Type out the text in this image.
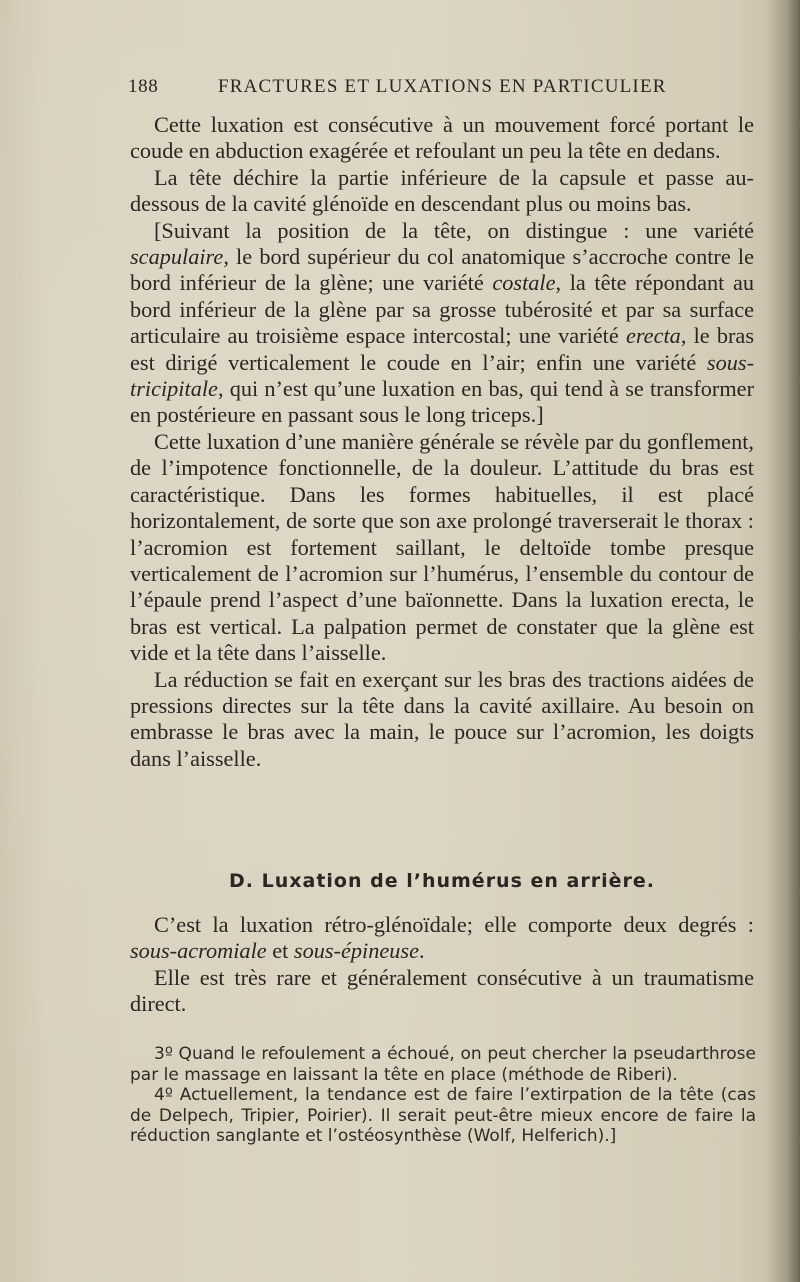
188	FRACTURES ET LUXATIONS EN PARTICULIER

Cette luxation est consécutive à un mouvement forcé portant le coude en abduction exagérée et refoulant un peu la tête en dedans.

La tête déchire la partie inférieure de la capsule et passe au-dessous de la cavité glénoïde en descendant plus ou moins bas.

[Suivant la position de la tête, on distingue : une variété scapulaire, le bord supérieur du col anatomique s’accroche contre le bord inférieur de la glène; une variété costale, la tête répondant au bord inférieur de la glène par sa grosse tubérosité et par sa surface articulaire au troisième espace intercostal; une variété erecta, le bras est dirigé verticalement le coude en l’air; enfin une variété sous-tricipitale, qui n’est qu’une luxation en bas, qui tend à se transformer en postérieure en passant sous le long triceps.]

Cette luxation d’une manière générale se révèle par du gonflement, de l’impotence fonctionnelle, de la douleur. L’attitude du bras est caractéristique. Dans les formes habituelles, il est placé horizontalement, de sorte que son axe prolongé traverserait le thorax : l’acromion est fortement saillant, le deltoïde tombe presque verticalement de l’acromion sur l’humérus, l’ensemble du contour de l’épaule prend l’aspect d’une baïonnette. Dans la luxation erecta, le bras est vertical. La palpation permet de constater que la glène est vide et la tête dans l’aisselle.

La réduction se fait en exerçant sur les bras des tractions aidées de pressions directes sur la tête dans la cavité axillaire. Au besoin on embrasse le bras avec la main, le pouce sur l’acromion, les doigts dans l’aisselle.

D. Luxation de l’humérus en arrière.

C’est la luxation rétro-glénoïdale; elle comporte deux degrés : sous-acromiale et sous-épineuse.

Elle est très rare et généralement consécutive à un traumatisme direct.

3º Quand le refoulement a échoué, on peut chercher la pseudarthrose par le massage en laissant la tête en place (méthode de Riberi).

4º Actuellement, la tendance est de faire l’extirpation de la tête (cas de Delpech, Tripier, Poirier). Il serait peut-être mieux encore de faire la réduction sanglante et l’ostéosynthèse (Wolf, Helferich).]
